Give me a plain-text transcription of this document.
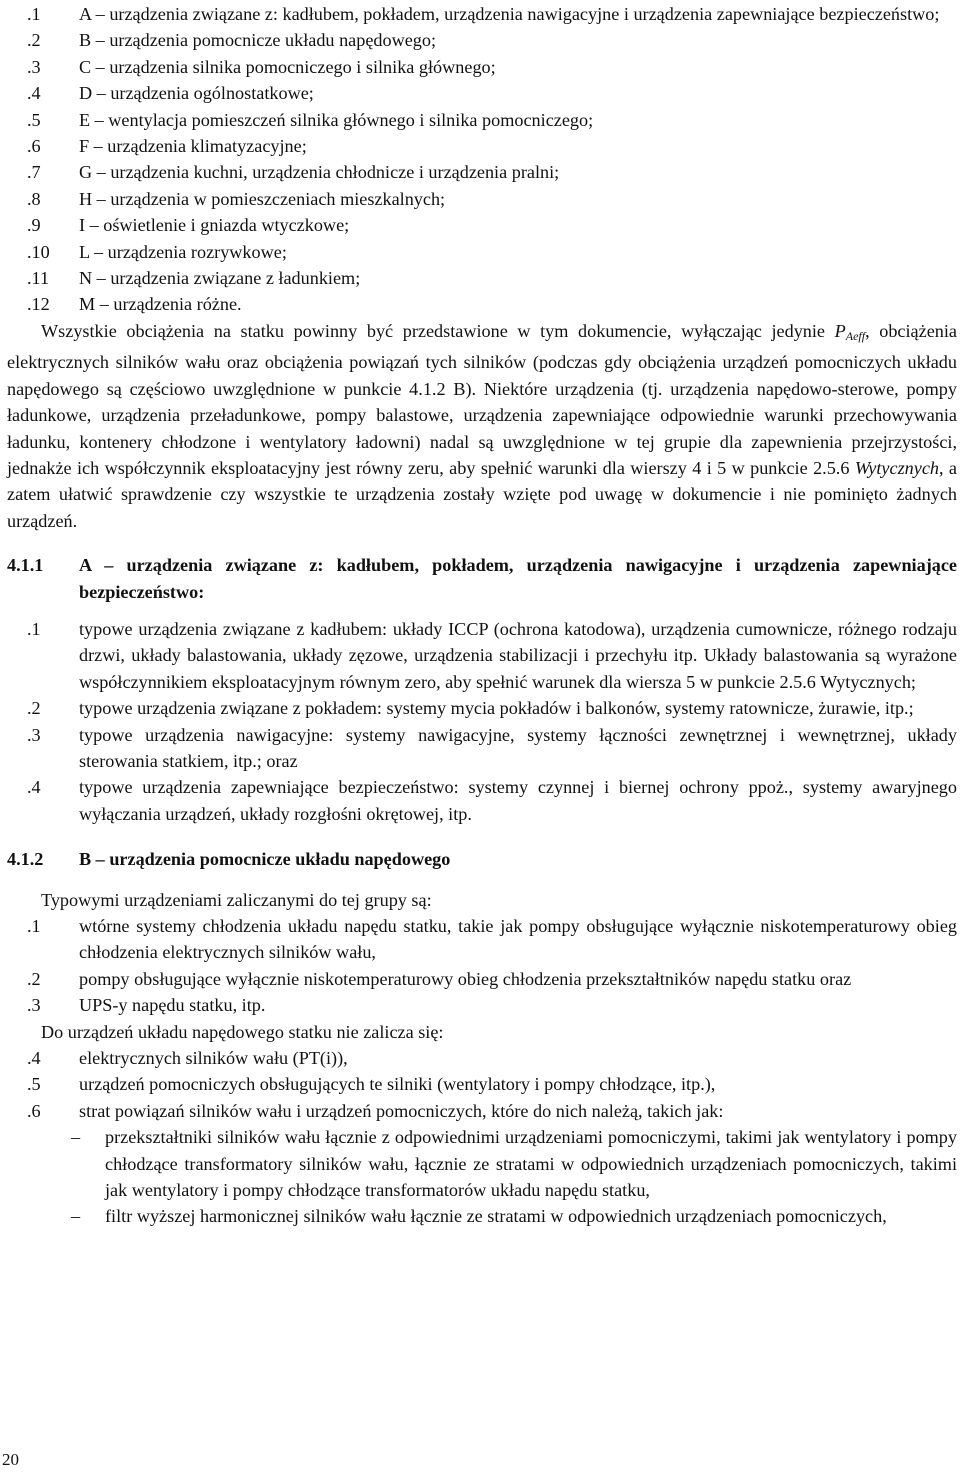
.1 A – urządzenia związane z: kadłubem, pokładem, urządzenia nawigacyjne i urządzenia zapewniające bezpieczeństwo;
.2 B – urządzenia pomocnicze układu napędowego;
.3 C – urządzenia silnika pomocniczego i silnika głównego;
.4 D – urządzenia ogólnostatkowe;
.5 E – wentylacja pomieszczeń silnika głównego i silnika pomocniczego;
.6 F – urządzenia klimatyzacyjne;
.7 G – urządzenia kuchni, urządzenia chłodnicze i urządzenia pralni;
.8 H – urządzenia w pomieszczeniach mieszkalnych;
.9 I – oświetlenie i gniazda wtyczkowe;
.10 L – urządzenia rozrywkowe;
.11 N – urządzenia związane z ładunkiem;
.12 M – urządzenia różne.

Wszystkie obciążenia na statku powinny być przedstawione w tym dokumencie, wyłączając jedynie $P_{Aeff}$, obciążenia elektrycznych silników wału oraz obciążenia powiązań tych silników (podczas gdy obciążenia urządzeń pomocniczych układu napędowego są częściowo uwzględnione w punkcie 4.1.2 B). Niektóre urządzenia (tj. urządzenia napędowo-sterowe, pompy ładunkowe, urządzenia przeładunkowe, pompy balastowe, urządzenia zapewniające odpowiednie warunki przechowywania ładunku, kontenery chłodzone i wentylatory ładowni) nadal są uwzględnione w tej grupie dla zapewnienia przejrzystości, jednakże ich współczynnik eksploatacyjny jest równy zeru, aby spełnić warunki dla wierszy 4 i 5 w punkcie 2.5.6 Wytycznych, a zatem ułatwić sprawdzenie czy wszystkie te urządzenia zostały wzięte pod uwagę w dokumencie i nie pominięto żadnych urządzeń.

4.1.1 A – urządzenia związane z: kadłubem, pokładem, urządzenia nawigacyjne i urządzenia zapewniające bezpieczeństwo:
.1 typowe urządzenia związane z kadłubem: układy ICCP (ochrona katodowa), urządzenia cumownicze, różnego rodzaju drzwi, układy balastowania, układy zęzowe, urządzenia stabilizacji i przechyłu itp. Układy balastowania są wyrażone współczynnikiem eksploatacyjnym równym zero, aby spełnić warunek dla wiersza 5 w punkcie 2.5.6 Wytycznych;
.2 typowe urządzenia związane z pokładem: systemy mycia pokładów i balkonów, systemy ratownicze, żurawie, itp.;
.3 typowe urządzenia nawigacyjne: systemy nawigacyjne, systemy łączności zewnętrznej i wewnętrznej, układy sterowania statkiem, itp.; oraz
.4 typowe urządzenia zapewniające bezpieczeństwo: systemy czynnej i biernej ochrony ppoż., systemy awaryjnego wyłączania urządzeń, układy rozgłośni okrętowej, itp.
4.1.2 B – urządzenia pomocnicze układu napędowego
Typowymi urządzeniami zaliczanymi do tej grupy są:
.1 wtórne systemy chłodzenia układu napędu statku, takie jak pompy obsługujące wyłącznie niskotemperaturowy obieg chłodzenia elektrycznych silników wału,
.2 pompy obsługujące wyłącznie niskotemperaturowy obieg chłodzenia przekształtników napędu statku oraz
.3 UPS-y napędu statku, itp.
Do urządzeń układu napędowego statku nie zalicza się:
.4 elektrycznych silników wału (PT(i)),
.5 urządzeń pomocniczych obsługujących te silniki (wentylatory i pompy chłodzące, itp.),
.6 strat powiązań silników wału i urządzeń pomocniczych, które do nich należą, takich jak:
– przekształtniki silników wału łącznie z odpowiednimi urządzeniami pomocniczymi, takimi jak wentylatory i pompy chłodzące transformatory silników wału, łącznie ze stratami w odpowiednich urządzeniach pomocniczych, takimi jak wentylatory i pompy chłodzące transformatorów układu napędu statku,
– filtr wyższej harmonicznej silników wału łącznie ze stratami w odpowiednich urządzeniach pomocniczych,
20
